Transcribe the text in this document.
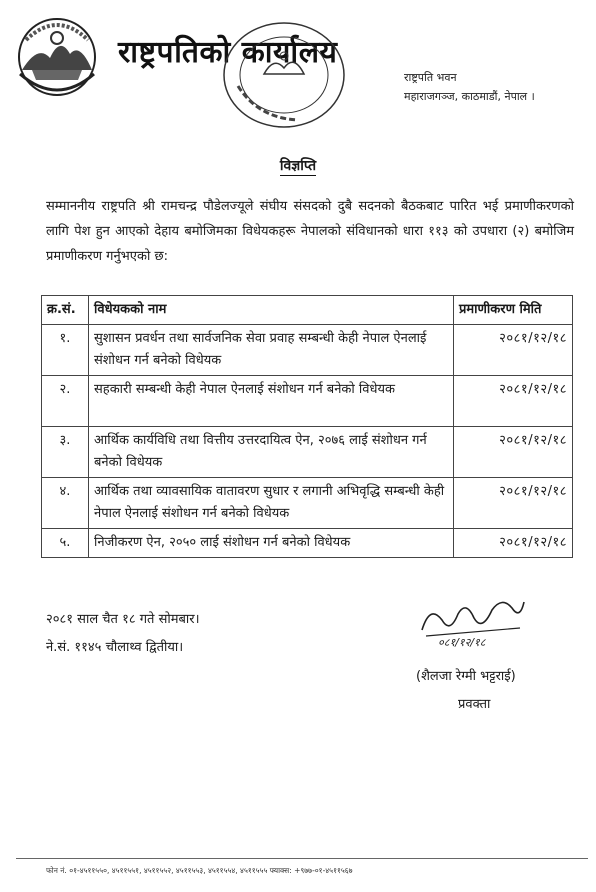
राष्ट्रपतिको कार्यालय
राष्ट्रपति भवन
महाराजगञ्ज, काठमाडौं, नेपाल ।
विज्ञप्ति
सम्माननीय राष्ट्रपति श्री रामचन्द्र पौडेलज्यूले संघीय संसदको दुबै सदनको बैठकबाट पारित भई प्रमाणीकरणको लागि पेश हुन आएको देहाय बमोजिमका विधेयकहरू नेपालको संविधानको धारा ११३ को उपधारा (२) बमोजिम प्रमाणीकरण गर्नुभएको छ:
क्र.सं.	विधेयकको नाम	प्रमाणीकरण मिति
१.	सुशासन प्रवर्धन तथा सार्वजनिक सेवा प्रवाह सम्बन्धी केही नेपाल ऐनलाई संशोधन गर्न बनेको विधेयक	२०८१/१२/१८
२.	सहकारी सम्बन्धी केही नेपाल ऐनलाई संशोधन गर्न बनेको विधेयक	२०८१/१२/१८
३.	आर्थिक कार्यविधि तथा वित्तीय उत्तरदायित्व ऐन, २०७६ लाई संशोधन गर्न बनेको विधेयक	२०८१/१२/१८
४.	आर्थिक तथा व्यावसायिक वातावरण सुधार र लगानी अभिवृद्धि सम्बन्धी केही नेपाल ऐनलाई संशोधन गर्न बनेको विधेयक	२०८१/१२/१८
५.	निजीकरण ऐन, २०५० लाई संशोधन गर्न बनेको विधेयक	२०८१/१२/१८
२०८१ साल चैत १८ गते सोमबार।
ने.सं. ११४५ चौलाथ्व द्वितीया।	०८१/१२/१८
(शैलजा रेग्मी भट्टराई)
प्रवक्ता
फोन नं. ०१-४५११५५०, ४५११५५१, ४५११५५२, ४५११५५३, ४५११५५४, ४५११५५५ फ्याक्स: +९७७-०१-४५११५६७
